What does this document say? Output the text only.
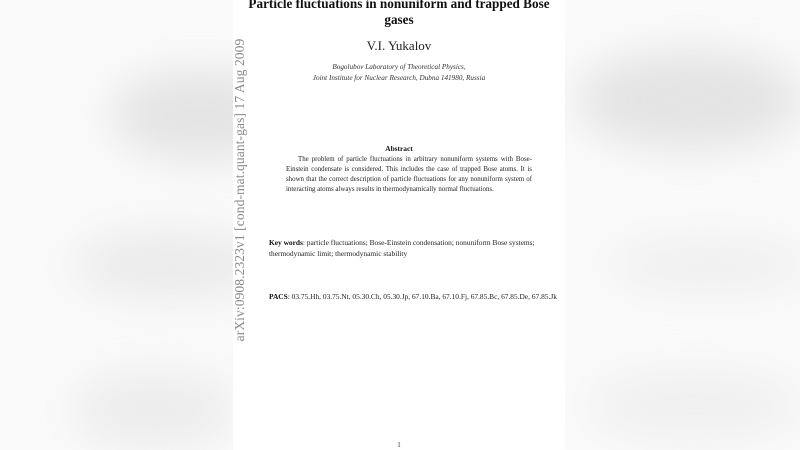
Particle fluctuations in nonuniform and trapped Bose gases
V.I. Yukalov
Bogolubov Laboratory of Theoretical Physics,
Joint Institute for Nuclear Research, Dubna 141980, Russia
Abstract
The problem of particle fluctuations in arbitrary nonuniform systems with Bose-Einstein condensate is considered. This includes the case of trapped Bose atoms. It is shown that the correct description of particle fluctuations for any nonuniform system of interacting atoms always results in thermodynamically normal fluctuations.
Key words: particle fluctuations; Bose-Einstein condensation; nonuniform Bose systems; thermodynamic limit; thermodynamic stability
PACS: 03.75.Hh, 03.75.Nt, 05.30.Ch, 05.30.Jp, 67.10.Ba, 67.10.Fj, 67.85.Bc, 67.85.De, 67.85.Jk
1
arXiv:0908.2323v1 [cond-mat.quant-gas] 17 Aug 2009
